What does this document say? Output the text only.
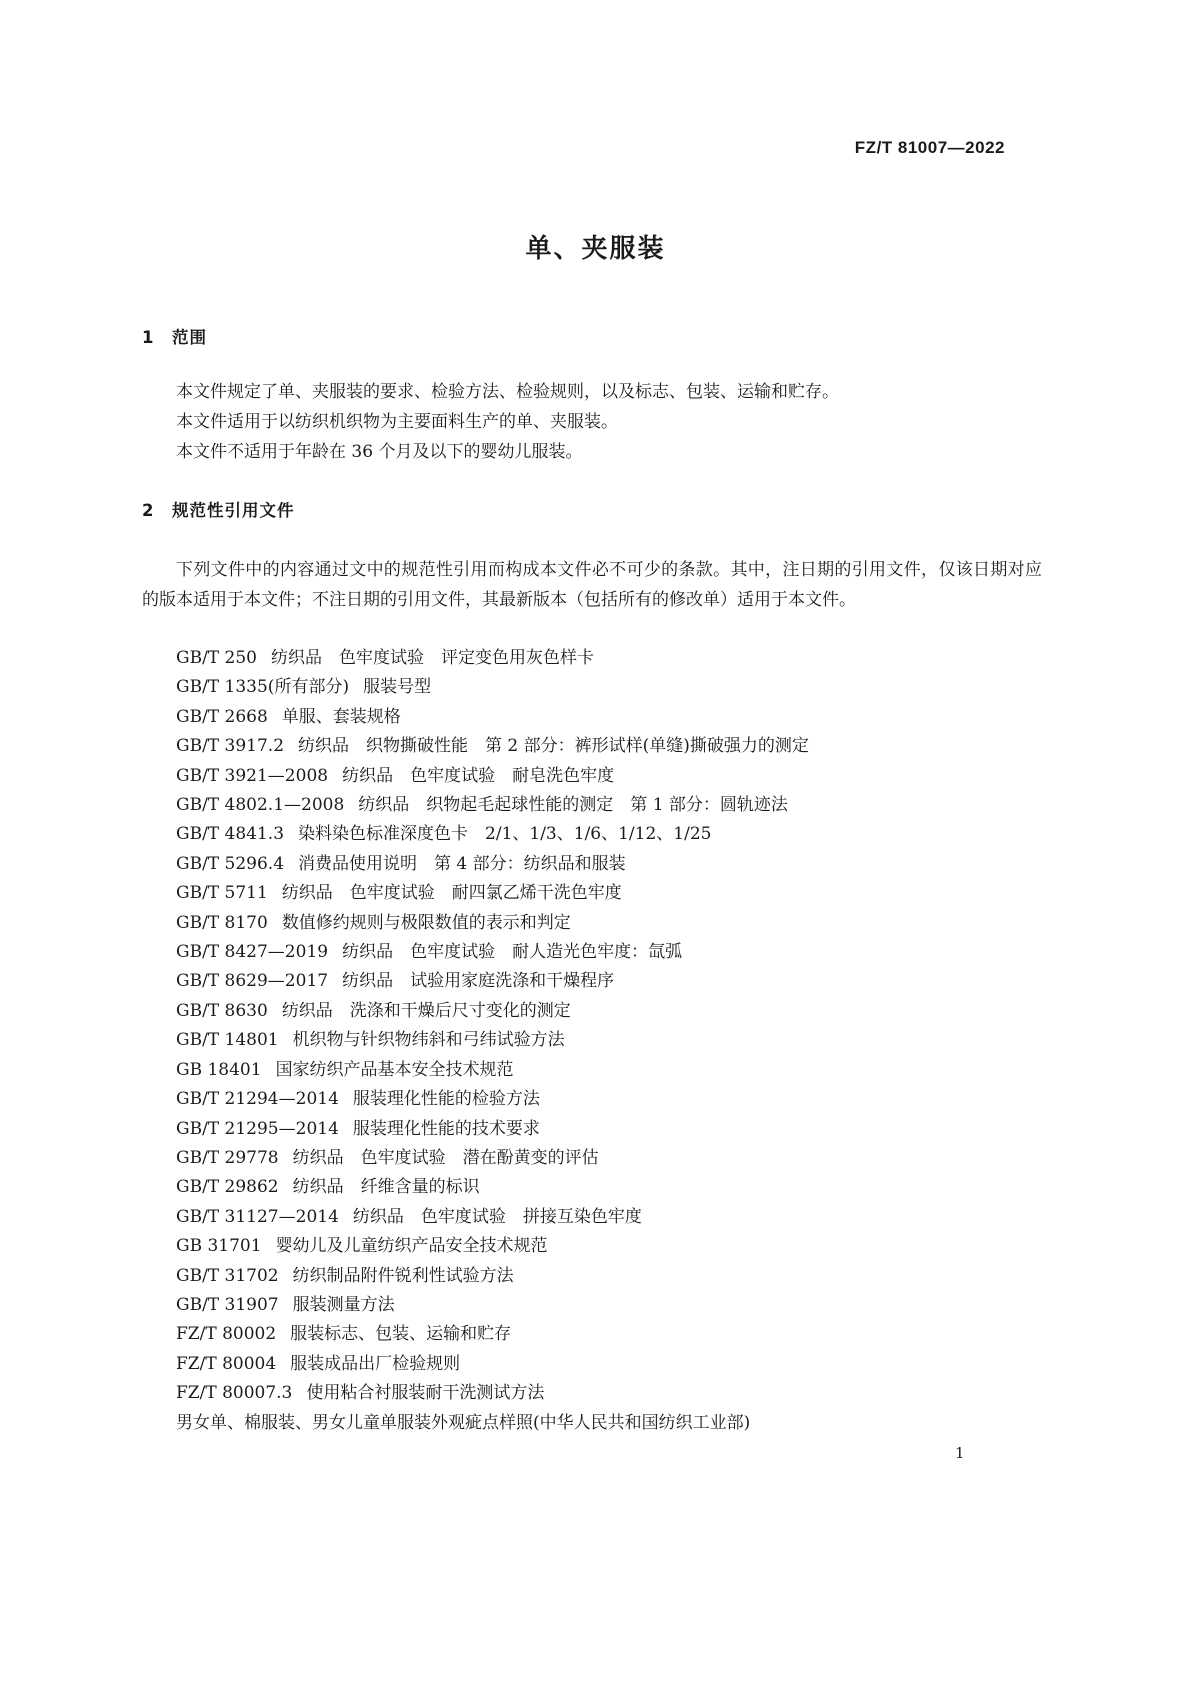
FZ/T 81007—2022
单、夹服装
1 范围

本文件规定了单、夹服装的要求、检验方法、检验规则，以及标志、包装、运输和贮存。

本文件适用于以纺织机织物为主要面料生产的单、夹服装。

本文件不适用于年龄在 36 个月及以下的婴幼儿服装。

2 规范性引用文件

下列文件中的内容通过文中的规范性引用而构成本文件必不可少的条款。其中，注日期的引用文件，仅该日期对应的版本适用于本文件；不注日期的引用文件，其最新版本（包括所有的修改单）适用于本文件。

GB/T 250 纺织品　色牢度试验　评定变色用灰色样卡
GB/T 1335(所有部分) 服装号型
GB/T 2668 单服、套装规格
GB/T 3917.2 纺织品　织物撕破性能　第 2 部分：裤形试样(单缝)撕破强力的测定
GB/T 3921—2008 纺织品　色牢度试验　耐皂洗色牢度
GB/T 4802.1—2008 纺织品　织物起毛起球性能的测定　第 1 部分：圆轨迹法
GB/T 4841.3 染料染色标准深度色卡　2/1、1/3、1/6、1/12、1/25
GB/T 5296.4 消费品使用说明　第 4 部分：纺织品和服装
GB/T 5711 纺织品　色牢度试验　耐四氯乙烯干洗色牢度
GB/T 8170 数值修约规则与极限数值的表示和判定
GB/T 8427—2019 纺织品　色牢度试验　耐人造光色牢度：氙弧
GB/T 8629—2017 纺织品　试验用家庭洗涤和干燥程序
GB/T 8630 纺织品　洗涤和干燥后尺寸变化的测定
GB/T 14801 机织物与针织物纬斜和弓纬试验方法
GB 18401 国家纺织产品基本安全技术规范
GB/T 21294—2014 服装理化性能的检验方法
GB/T 21295—2014 服装理化性能的技术要求
GB/T 29778 纺织品　色牢度试验　潜在酚黄变的评估
GB/T 29862 纺织品　纤维含量的标识
GB/T 31127—2014 纺织品　色牢度试验　拼接互染色牢度
GB 31701 婴幼儿及儿童纺织产品安全技术规范
GB/T 31702 纺织制品附件锐利性试验方法
GB/T 31907 服装测量方法
FZ/T 80002 服装标志、包装、运输和贮存
FZ/T 80004 服装成品出厂检验规则
FZ/T 80007.3 使用粘合衬服装耐干洗测试方法
男女单、棉服装、男女儿童单服装外观疵点样照(中华人民共和国纺织工业部)
1
